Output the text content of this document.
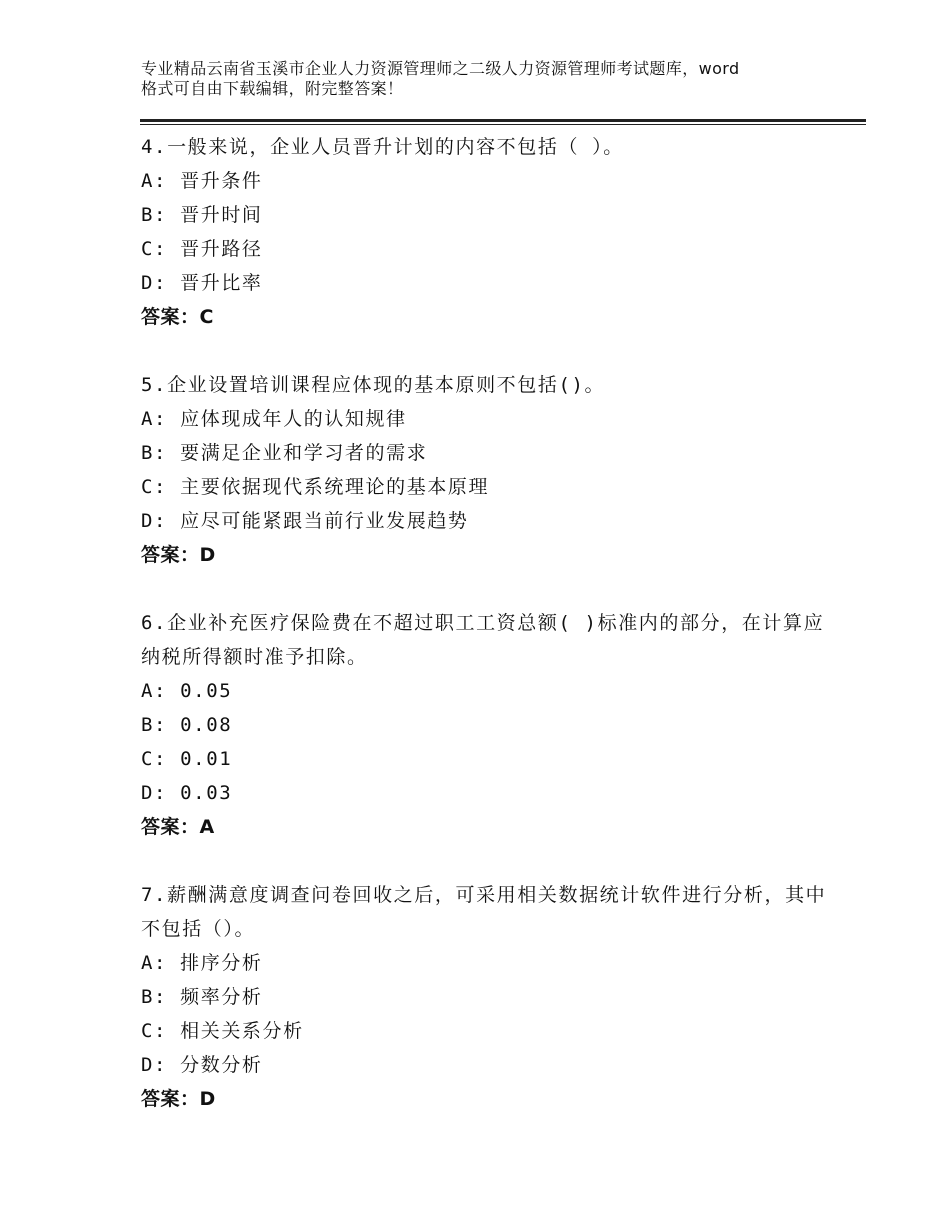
专业精品云南省玉溪市企业人力资源管理师之二级人力资源管理师考试题库，word
格式可自由下载编辑，附完整答案！
4.一般来说，企业人员晋升计划的内容不包括（ ）。
A: 晋升条件
B: 晋升时间
C: 晋升路径
D: 晋升比率
答案：C
5.企业设置培训课程应体现的基本原则不包括()。
A: 应体现成年人的认知规律
B: 要满足企业和学习者的需求
C: 主要依据现代系统理论的基本原理
D: 应尽可能紧跟当前行业发展趋势
答案：D
6.企业补充医疗保险费在不超过职工工资总额( )标准内的部分，在计算应纳税所得额时准予扣除。
A: 0.05
B: 0.08
C: 0.01
D: 0.03
答案：A
7.薪酬满意度调查问卷回收之后，可采用相关数据统计软件进行分析，其中不包括（）。
A: 排序分析
B: 频率分析
C: 相关关系分析
D: 分数分析
答案：D
